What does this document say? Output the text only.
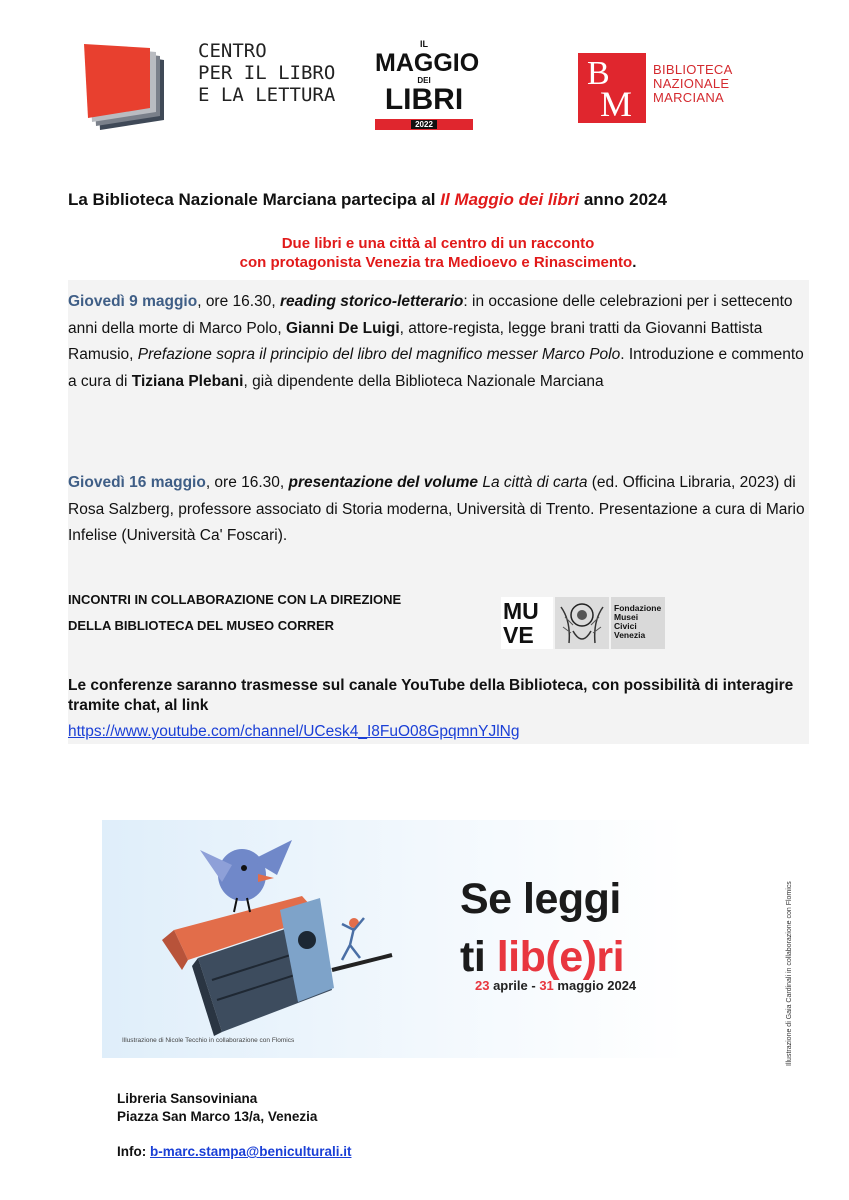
CENTRO
PER IL LIBRO
E LA LETTURA
IL
MAGGIO
DEI
LIBRI
2022
B
M
BIBLIOTECA
NAZIONALE
MARCIANA
La Biblioteca Nazionale Marciana partecipa al Il Maggio dei libri anno 2024
Due libri e una città al centro di un racconto
con protagonista Venezia tra Medioevo e Rinascimento.
Giovedì 9 maggio, ore 16.30, reading storico-letterario: in occasione delle celebrazioni per i settecento anni della morte di Marco Polo, Gianni De Luigi, attore-regista, legge brani tratti da Giovanni Battista Ramusio, Prefazione sopra il principio del libro del magnifico messer Marco Polo. Introduzione e commento a cura di Tiziana Plebani, già dipendente della Biblioteca Nazionale Marciana
Giovedì 16 maggio, ore 16.30, presentazione del volume La città di carta (ed. Officina Libraria, 2023) di Rosa Salzberg, professore associato di Storia moderna, Università di Trento. Presentazione a cura di Mario Infelise (Università Ca' Foscari).
INCONTRI IN COLLABORAZIONE CON LA DIREZIONE
DELLA BIBLIOTECA DEL MUSEO CORRER
MU
VE
Fondazione
Musei
Civici
Venezia
Le conferenze saranno trasmesse sul canale YouTube della Biblioteca, con possibilità di interagire tramite chat, al link
https://www.youtube.com/channel/UCesk4_I8FuO08GpqmnYJlNg
Se leggi
ti lib(e)ri
23 aprile - 31 maggio 2024
Illustrazione di Nicole Tecchio in collaborazione con Flomics	Illustrazione di Gaia Cardinali in collaborazione con Flomics
Libreria Sansoviniana
Piazza San Marco 13/a, Venezia
Info: b-marc.stampa@beniculturali.it
